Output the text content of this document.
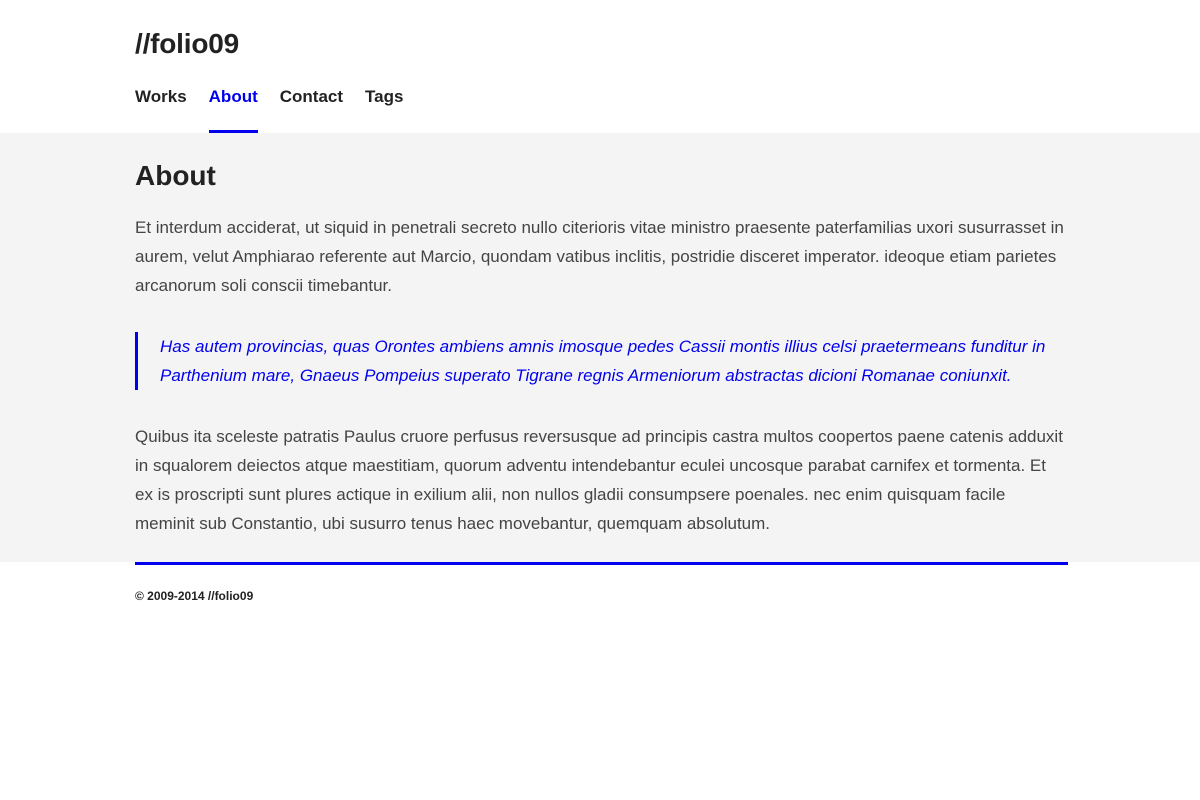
//folio09
Works About Contact Tags
About

Et interdum acciderat, ut siquid in penetrali secreto nullo citerioris vitae ministro praesente paterfamilias uxori susurrasset in aurem, velut Amphiarao referente aut Marcio, quondam vatibus inclitis, postridie disceret imperator. ideoque etiam parietes arcanorum soli conscii timebantur.

Has autem provincias, quas Orontes ambiens amnis imosque pedes Cassii montis illius celsi praetermeans funditur in Parthenium mare, Gnaeus Pompeius superato Tigrane regnis Armeniorum abstractas dicioni Romanae coniunxit.

Quibus ita sceleste patratis Paulus cruore perfusus reversusque ad principis castra multos coopertos paene catenis adduxit in squalorem deiectos atque maestitiam, quorum adventu intendebantur eculei uncosque parabat carnifex et tormenta. Et ex is proscripti sunt plures actique in exilium alii, non nullos gladii consumpsere poenales. nec enim quisquam facile meminit sub Constantio, ubi susurro tenus haec movebantur, quemquam absolutum.

© 2009-2014 //folio09
